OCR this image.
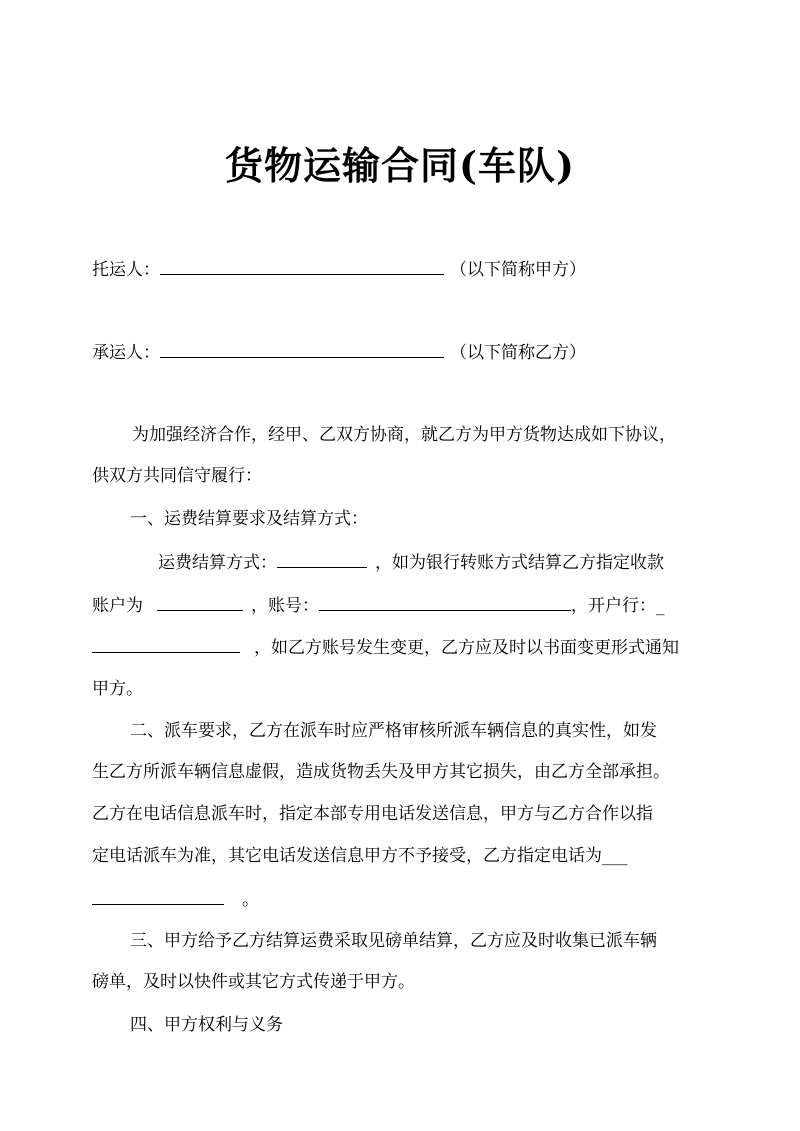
货物运输合同(车队)
托运人：	（以下简称甲方）
承运人：	（以下简称乙方）
为加强经济合作，经甲、乙双方协商，就乙方为甲方货物达成如下协议，
供双方共同信守履行：
一、运费结算要求及结算方式：
运费结算方式：	，如为银行转账方式结算乙方指定收款
账户为	，账号：	，开户行：_
，如乙方账号发生变更，乙方应及时以书面变更形式通知
甲方。
二、派车要求，乙方在派车时应严格审核所派车辆信息的真实性，如发
生乙方所派车辆信息虚假，造成货物丢失及甲方其它损失，由乙方全部承担。
乙方在电话信息派车时，指定本部专用电话发送信息，甲方与乙方合作以指
定电话派车为准，其它电话发送信息甲方不予接受，乙方指定电话为___
。
三、甲方给予乙方结算运费采取见磅单结算，乙方应及时收集已派车辆
磅单，及时以快件或其它方式传递于甲方。
四、甲方权利与义务
